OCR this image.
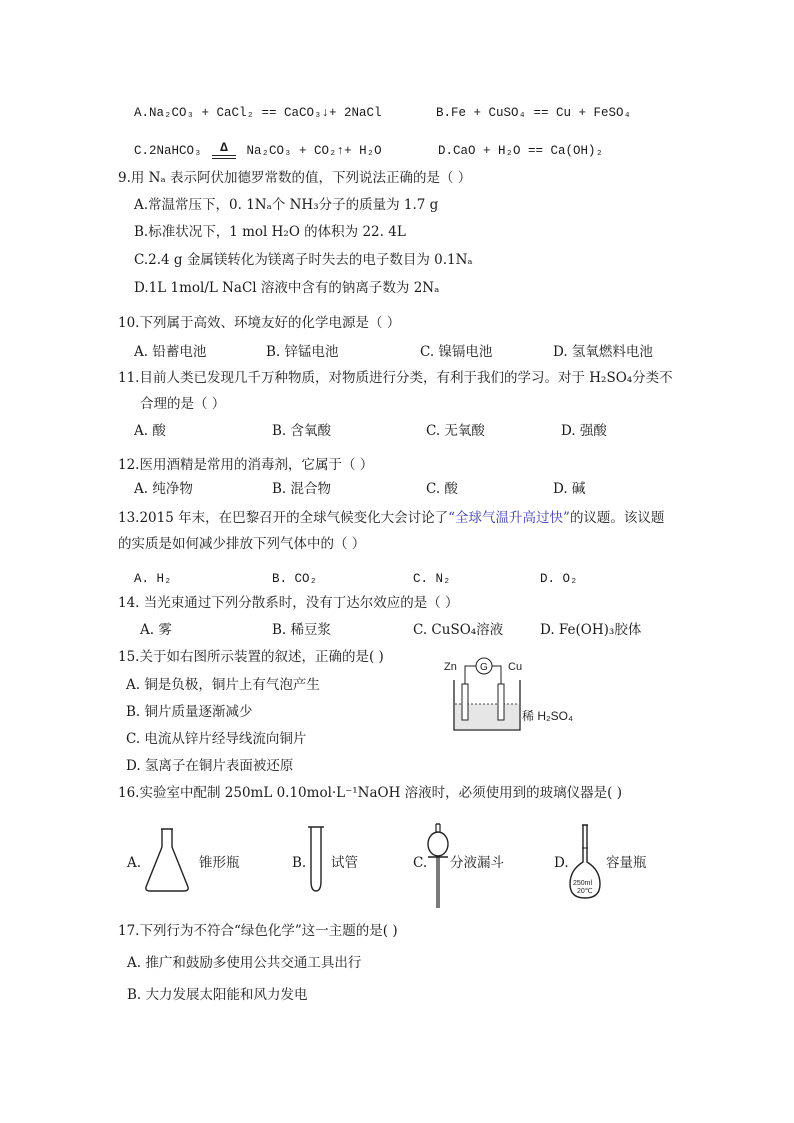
A.Na₂CO₃ + CaCl₂ == CaCO₃↓+ 2NaCl	B.Fe + CuSO₄ == Cu + FeSO₄
C.2NaHCO₃ Δ Na₂CO₃ + CO₂↑+ H₂O	D.CaO + H₂O == Ca(OH)₂
9.用 Nₐ 表示阿伏加德罗常数的值，下列说法正确的是（ ）
A.常温常压下，0. 1Nₐ个 NH₃分子的质量为 1.7 g
B.标准状况下，1 mol H₂O 的体积为 22. 4L
C.2.4 g 金属镁转化为镁离子时失去的电子数目为 0.1Nₐ
D.1L 1mol/L NaCl 溶液中含有的钠离子数为 2Nₐ
10.下列属于高效、环境友好的化学电源是（ ）
A. 铅蓄电池	B. 锌锰电池	C. 镍镉电池	D. 氢氧燃料电池
11.目前人类已发现几千万种物质，对物质进行分类，有利于我们的学习。对于 H₂SO₄分类不
合理的是（ ）
A. 酸	B. 含氧酸	C. 无氧酸	D. 强酸
12.医用酒精是常用的消毒剂，它属于（ ）
A. 纯净物	B. 混合物	C. 酸	D. 碱
13.2015 年末，在巴黎召开的全球气候变化大会讨论了“全球气温升高过快”的议题。该议题
的实质是如何减少排放下列气体中的（ ）
A. H₂	B. CO₂	C. N₂	D. O₂
14. 当光束通过下列分散系时，没有丁达尔效应的是（ ）
A. 雾	B. 稀豆浆	C. CuSO₄溶液	D. Fe(OH)₃胶体
15.关于如右图所示装置的叙述，正确的是( )
A. 铜是负极，铜片上有气泡产生
B. 铜片质量逐渐减少
C. 电流从锌片经导线流向铜片
D. 氢离子在铜片表面被还原
Zn	Cu
G
稀 H₂SO₄
16.实验室中配制 250mL 0.10mol·L⁻¹NaOH 溶液时，必须使用到的玻璃仪器是( )
A.	锥形瓶	B. 试管	C. 分液漏斗	D.
250ml
20℃
容量瓶
17.下列行为不符合“绿色化学”这一主题的是( )
A. 推广和鼓励多使用公共交通工具出行
B. 大力发展太阳能和风力发电
